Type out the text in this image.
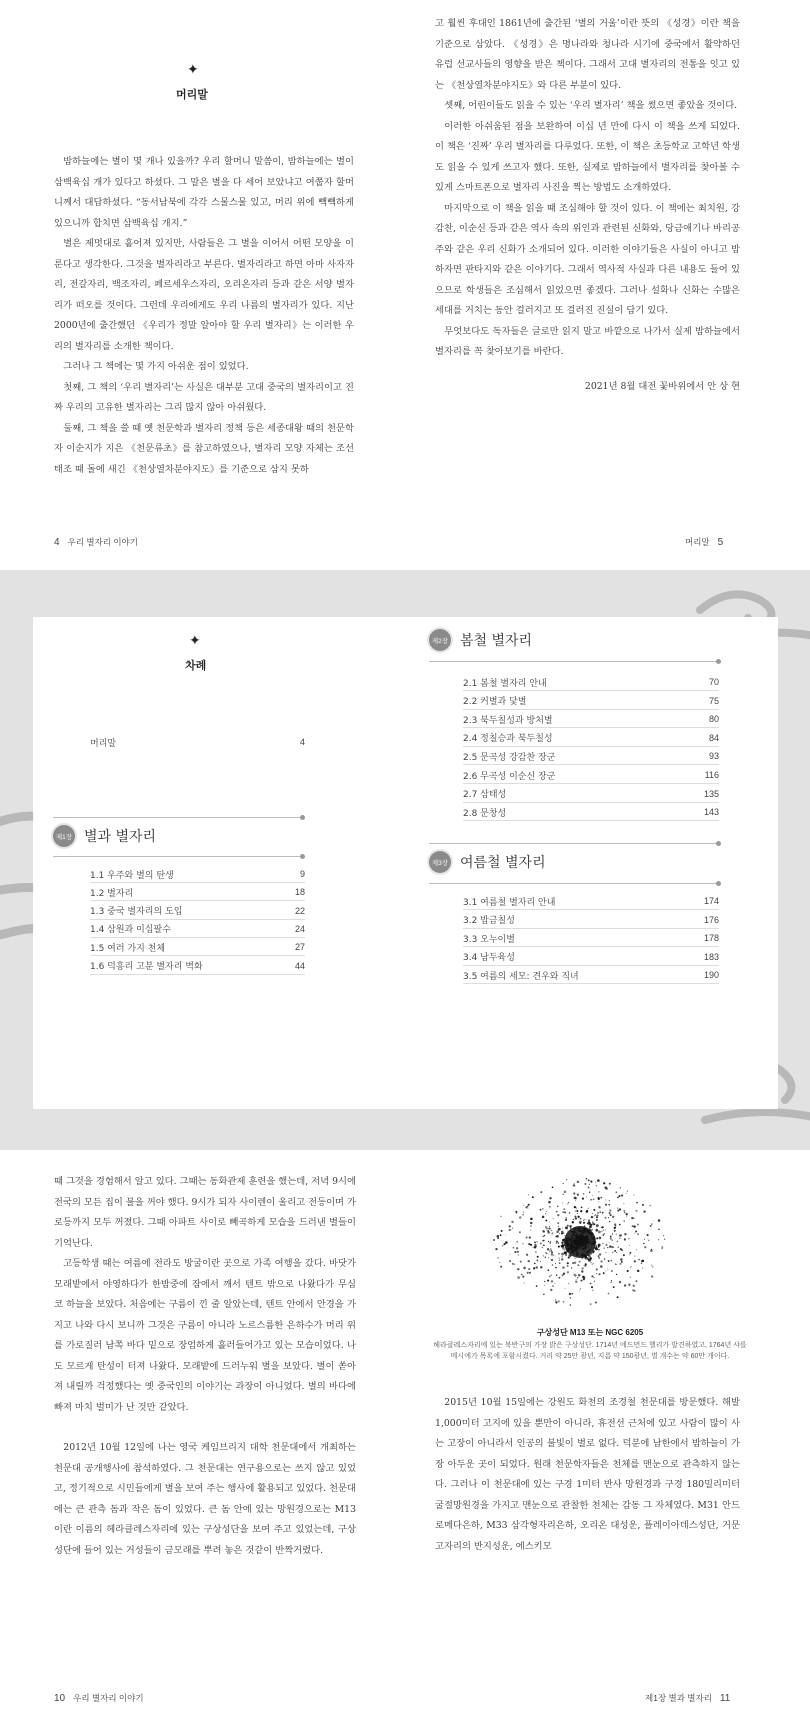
✦
머리말

밤하늘에는 별이 몇 개나 있을까? 우리 할머니 말씀이, 밤하늘에는 별이 삼백육십 개가 있다고 하셨다. 그 말은 별을 다 세어 보았냐고 여쭙자 할머니께서 대답하셨다. “동서남북에 각각 스물스물 있고, 머리 위에 빽빽하게 있으니까 합치면 삼백육십 개지.”

별은 제멋대로 흩어져 있지만, 사람들은 그 별을 이어서 어떤 모양을 이룬다고 생각한다. 그것을 별자리라고 부른다. 별자리라고 하면 아마 사자자리, 전갈자리, 백조자리, 페르세우스자리, 오리온자리 등과 같은 서양 별자리가 떠오를 것이다. 그런데 우리에게도 우리 나름의 별자리가 있다. 지난 2000년에 출간했던 《우리가 정말 알아야 할 우리 별자리》는 이러한 우리의 별자리를 소개한 책이다.

그러나 그 책에는 몇 가지 아쉬운 점이 있었다.

첫째, 그 책의 ‘우리 별자리’는 사실은 대부분 고대 중국의 별자리이고 진짜 우리의 고유한 별자리는 그리 많지 않아 아쉬웠다.

둘째, 그 책을 쓸 때 옛 천문학과 별자리 정책 등은 세종대왕 때의 천문학자 이순지가 지은 《천문류초》를 참고하였으나, 별자리 모양 자체는 조선 태조 때 돌에 새긴 《천상열차분야지도》를 기준으로 삼지 못하

4 우리 별자리 이야기

고 훨씬 후대인 1861년에 출간된 ‘별의 거울’이란 뜻의 《성경》이란 책을 기준으로 삼았다. 《성경》은 명나라와 청나라 시기에 중국에서 활약하던 유럽 선교사들의 영향을 받은 책이다. 그래서 고대 별자리의 전통을 잇고 있는 《천상열차분야지도》와 다른 부분이 있다.

셋째, 어린이들도 읽을 수 있는 ‘우리 별자리’ 책을 썼으면 좋았을 것이다.

이러한 아쉬움된 점을 보완하여 이십 년 만에 다시 이 책을 쓰게 되었다. 이 책은 ‘진짜’ 우리 별자리를 다루었다. 또한, 이 책은 초등학교 고학년 학생도 읽을 수 있게 쓰고자 했다. 또한, 실제로 밤하늘에서 별자리를 찾아볼 수 있게 스마트폰으로 별자리 사진을 찍는 방법도 소개하였다.

마지막으로 이 책을 읽을 때 조심해야 할 것이 있다. 이 책에는 최치원, 강감찬, 이순신 등과 같은 역사 속의 위인과 관련된 신화와, 당금애기나 바리공주와 같은 우리 신화가 소개되어 있다. 이러한 이야기들은 사실이 아니고 밤하자면 판타지와 같은 이야기다. 그래서 역사적 사실과 다른 내용도 들어 있으므로 학생들은 조심해서 읽었으면 좋겠다. 그러나 설화나 신화는 수많은 세대를 거치는 동안 걸러지고 또 걸러진 진실이 담기 있다.

무엇보다도 독자들은 글로만 읽지 말고 바깥으로 나가서 실제 밤하늘에서 별자리를 꼭 찾아보기를 바란다.

2021년 8월 대전 꽃바위에서 안 상 현

머리말 5
✦
차례
머리말	4
제1장 별과 별자리
1.1 우주와 별의 탄생	9
1.2 별자리	18
1.3 중국 별자리의 도입	22
1.4 삼원과 이십팔수	24
1.5 여러 가지 천체	27
1.6 덕흥리 고분 별자리 벽화	44
제2장 봄철 별자리
2.1 봄철 별자리 안내	70
2.2 커별과 닻별	75
2.3 북두칠성과 방처별	80
2.4 정칠승과 북두칠성	84
2.5 문곡성 강감찬 장군	93
2.6 무곡성 이순신 장군	116
2.7 삼태성	135
2.8 문창성	143
제3장 여름철 별자리
3.1 여름철 별자리 안내	174
3.2 밥금칠성	176
3.3 오누이별	178
3.4 남두육성	183
3.5 여름의 세모: 견우와 직녀	190

때 그것을 경험해서 알고 있다. 그때는 동화관제 훈련을 했는데, 저녁 9시에 전국의 모든 집이 불을 꺼야 했다. 9시가 되자 사이렌이 울리고 전등이며 가로등까지 모두 꺼졌다. 그때 아파트 사이로 빼곡하게 모습을 드러낸 별들이 기억난다.

고등학생 때는 여름에 전라도 방굴이란 곳으로 가족 여행을 갔다. 바닷가 모래밭에서 야영하다가 한밤중에 잠에서 깨서 텐트 밖으로 나왔다가 무심코 하늘을 보았다. 처음에는 구름이 낀 줄 알았는데, 텐트 안에서 안경을 가지고 나와 다시 보니까 그것은 구름이 아니라 노르스름한 은하수가 머리 위를 가로질러 남쪽 바다 밑으로 장엄하게 흘러들어가고 있는 모습이었다. 나도 모르게 탄성이 터져 나왔다. 모래밭에 드러누워 별을 보았다. 별이 쏟아져 내릴까 걱정했다는 옛 중국인의 이야기는 과장이 아니었다. 별의 바다에 빠져 마치 벌미가 난 것만 같았다.

2012년 10월 12일에 나는 영국 케임브리지 대학 천문대에서 개최하는 천문대 공개행사에 참석하였다. 그 천문대는 연구용으로는 쓰지 않고 있었고, 정기적으로 시민들에게 별을 보여 주는 행사에 활용되고 있었다. 천문대에는 큰 관측 돔과 작은 돔이 있었다. 큰 돔 안에 있는 망원경으로는 M13이란 이름의 헤라클레스자리에 있는 구상성단을 보여 주고 있었는데, 구상성단에 들어 있는 거성들이 금모래를 뿌려 놓은 것같이 반짝거렸다.

10 우리 별자리 이야기
구상성단 M13 또는 NGC 6205
헤라클레스자리에 있는 북반구의 가장 밝은 구상성단. 1714년 에드먼드 핼리가 발견하였고, 1764년 샤를 메시에가 목록에 포함시켰다. 거리 약 25만 광년, 지름 약 150광년, 별 개수는 약 60만 개이다.

2015년 10월 15일에는 강원도 화천의 조경철 천문대를 방문했다. 해발 1,000미터 고지에 있을 뿐만이 아니라, 휴전선 근처에 있고 사람이 많이 사는 고장이 아니라서 인공의 불빛이 별로 없다. 덕분에 남한에서 밤하늘이 가장 아두운 곳이 되었다. 원래 천문학자들은 천체를 맨눈으로 관측하지 않는다. 그러나 이 천문대에 있는 구경 1미터 반사 망원경과 구경 180밀리미터 굴절망원경을 가지고 맨눈으로 관찰한 천체는 감동 그 자체였다. M31 안드로메다은하, M33 삼각형자리은하, 오리온 대성운, 플레이아데스성단, 거문고자리의 반지성운, 에스키모

제1장 별과 별자리 11
